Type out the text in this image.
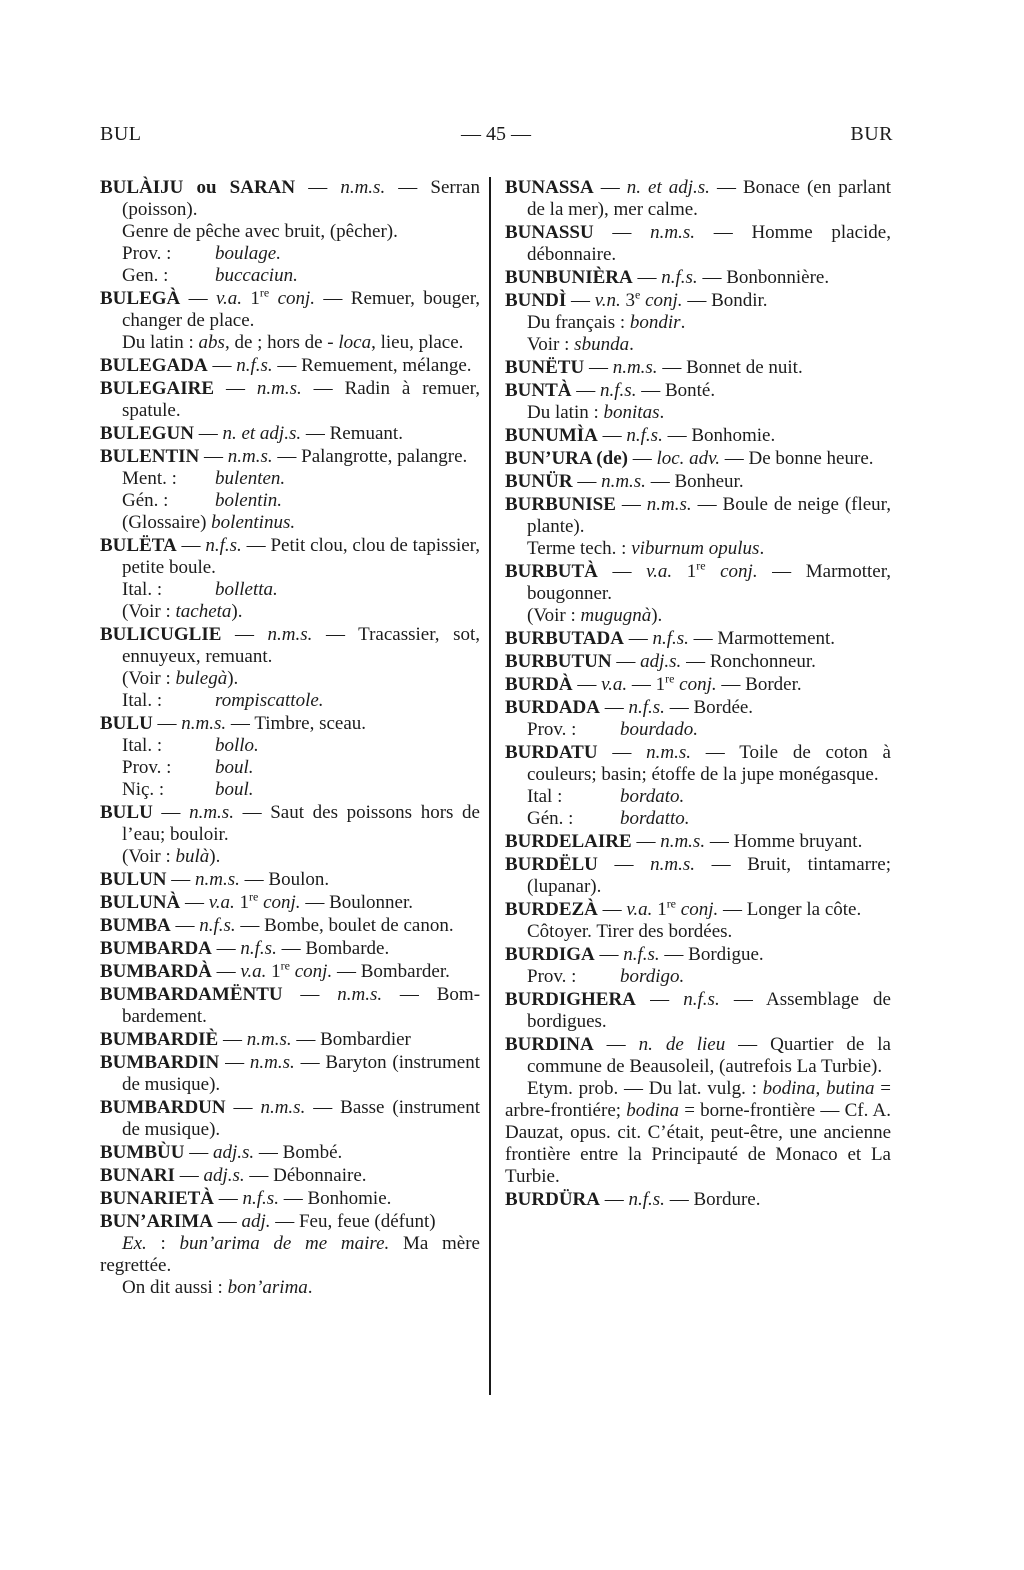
BUL	— 45 —	BUR

BULÀIJU ou SARAN — n.m.s. — Serran (poisson).

Genre de pêche avec bruit, (pêcher).

Prov. : boulage.

Gen. : buccaciun.

BULEGÀ — v.a. 1re conj. — Remuer, bouger, changer de place.

Du latin : abs, de ; hors de - loca, lieu, place.

BULEGADA — n.f.s. — Remuement, mélange.

BULEGAIRE — n.m.s. — Radin à remuer, spatule.

BULEGUN — n. et adj.s. — Remuant.

BULENTIN — n.m.s. — Palangrotte, palangre.

Ment. : bulenten.

Gén. : bolentin.

(Glossaire) bolentinus.

BULËTA — n.f.s. — Petit clou, clou de tapissier, petite boule.

Ital. :	bolletta.

(Voir : tacheta).

BULICUGLIE — n.m.s. — Tracassier, sot, ennuyeux, remuant.

(Voir : bulegà).

Ital. :	rompiscattole.

BULU — n.m.s. — Timbre, sceau.

Ital. :	bollo.

Prov. : boul.

Niç. :	boul.

BULU — n.m.s. — Saut des poissons hors de l’eau; bouloir.

(Voir : bulà).

BULUN — n.m.s. — Boulon.

BULUNÀ — v.a. 1re conj. — Boulonner.

BUMBA — n.f.s. — Bombe, boulet de canon.

BUMBARDA — n.f.s. — Bombarde.

BUMBARDÀ — v.a. 1re conj. — Bombarder.

BUMBARDAMËNTU — n.m.s. — Bombardement.

BUMBARDIÈ — n.m.s. — Bombardier

BUMBARDIN — n.m.s. — Baryton (instrument de musique).

BUMBARDUN — n.m.s. — Basse (instrument de musique).

BUMBÙU — adj.s. — Bombé.

BUNARI — adj.s. — Débonnaire.

BUNARIETÀ — n.f.s. — Bonhomie.

BUN’ARIMA — adj. — Feu, feue (défunt)

Ex. : bun’arima de me maire. Ma mère regrettée.

On dit aussi : bon’arima.

BUNASSA — n. et adj.s. — Bonace (en parlant de la mer), mer calme.

BUNASSU — n.m.s. — Homme placide, débonnaire.

BUNBUNIÈRA — n.f.s. — Bonbonnière.

BUNDÌ — v.n. 3e conj. — Bondir.

Du français : bondir.

Voir : sbunda.

BUNËTU — n.m.s. — Bonnet de nuit.

BUNTÀ — n.f.s. — Bonté.

Du latin : bonitas.

BUNUMÌA — n.f.s. — Bonhomie.

BUN’URA (de) — loc. adv. — De bonne heure.

BUNÜR — n.m.s. — Bonheur.

BURBUNISE — n.m.s. — Boule de neige (fleur, plante).

Terme tech. : viburnum opulus.

BURBUTÀ — v.a. 1re conj. — Marmotter, bougonner.

(Voir : mugugnà).

BURBUTADA — n.f.s. — Marmottement.

BURBUTUN — adj.s. — Ronchonneur.

BURDÀ — v.a. — 1re conj. — Border.

BURDADA — n.f.s. — Bordée.

Prov. : bourdado.

BURDATU — n.m.s. — Toile de coton à couleurs; basin; étoffe de la jupe monégasque.

Ital :	bordato.

Gén. : bordatto.

BURDELAIRE — n.m.s. — Homme bruyant.

BURDËLU — n.m.s. — Bruit, tintamarre; (lupanar).

BURDEZÀ — v.a. 1re conj. — Longer la côte.

Côtoyer. Tirer des bordées.

BURDIGA — n.f.s. — Bordigue.

Prov. : bordigo.

BURDIGHERA — n.f.s. — Assemblage de bordigues.

BURDINA — n. de lieu — Quartier de la commune de Beausoleil, (autrefois La Turbie).

Etym. prob. — Du lat. vulg. : bodina, butina = arbre-frontiére; bodina = borne-frontière — Cf. A. Dauzat, opus. cit. C’était, peut-être, une ancienne frontière entre la Principauté de Monaco et La Turbie.

BURDÜRA — n.f.s. — Bordure.
